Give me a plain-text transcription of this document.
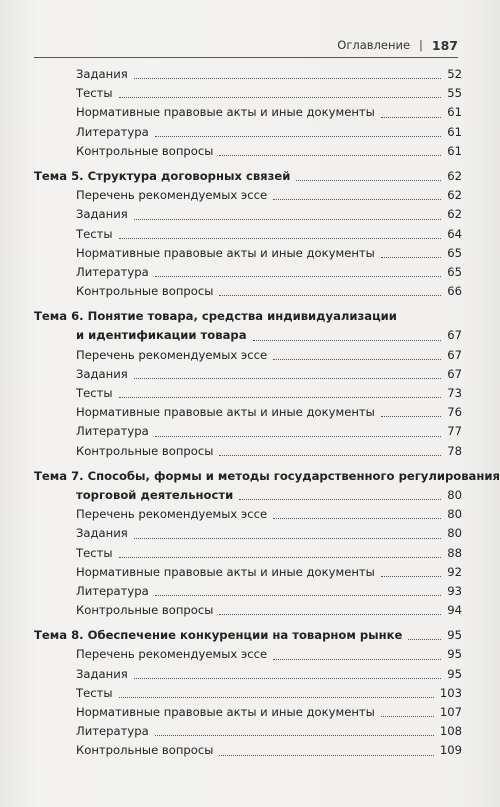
Оглавление | 187
Задания	52
Тесты	55
Нормативные правовые акты и иные документы	61
Литература	61
Контрольные вопросы	61
Тема 5. Структура договорных связей	62
Перечень рекомендуемых эссе	62
Задания	62
Тесты	64
Нормативные правовые акты и иные документы	65
Литература	65
Контрольные вопросы	66
Тема 6. Понятие товара, средства индивидуализации
и идентификации товара	67
Перечень рекомендуемых эссе	67
Задания	67
Тесты	73
Нормативные правовые акты и иные документы	76
Литература	77
Контрольные вопросы	78
Тема 7. Способы, формы и методы государственного регулирования
торговой деятельности	80
Перечень рекомендуемых эссе	80
Задания	80
Тесты	88
Нормативные правовые акты и иные документы	92
Литература	93
Контрольные вопросы	94
Тема 8. Обеспечение конкуренции на товарном рынке	95
Перечень рекомендуемых эссе	95
Задания	95
Тесты	103
Нормативные правовые акты и иные документы	107
Литература	108
Контрольные вопросы	109
